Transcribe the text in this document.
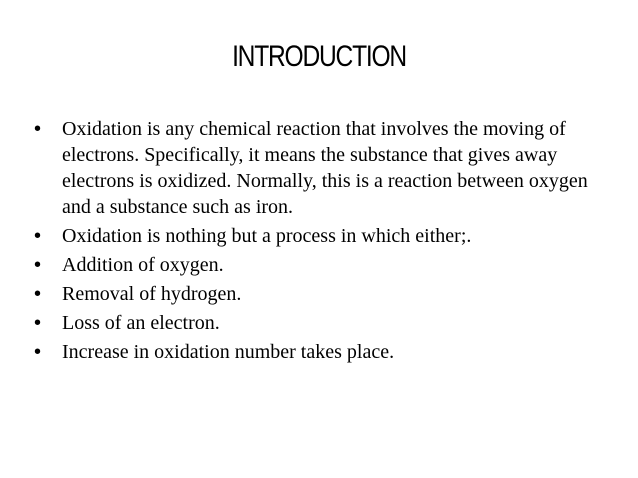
INTRODUCTION
• Oxidation is any chemical reaction that involves the moving of electrons. Specifically, it means the substance that gives away electrons is oxidized. Normally, this is a reaction between oxygen and a substance such as iron.
• Oxidation is nothing but a process in which either;.
• Addition of oxygen.
• Removal of hydrogen.
• Loss of an electron.
• Increase in oxidation number takes place.
